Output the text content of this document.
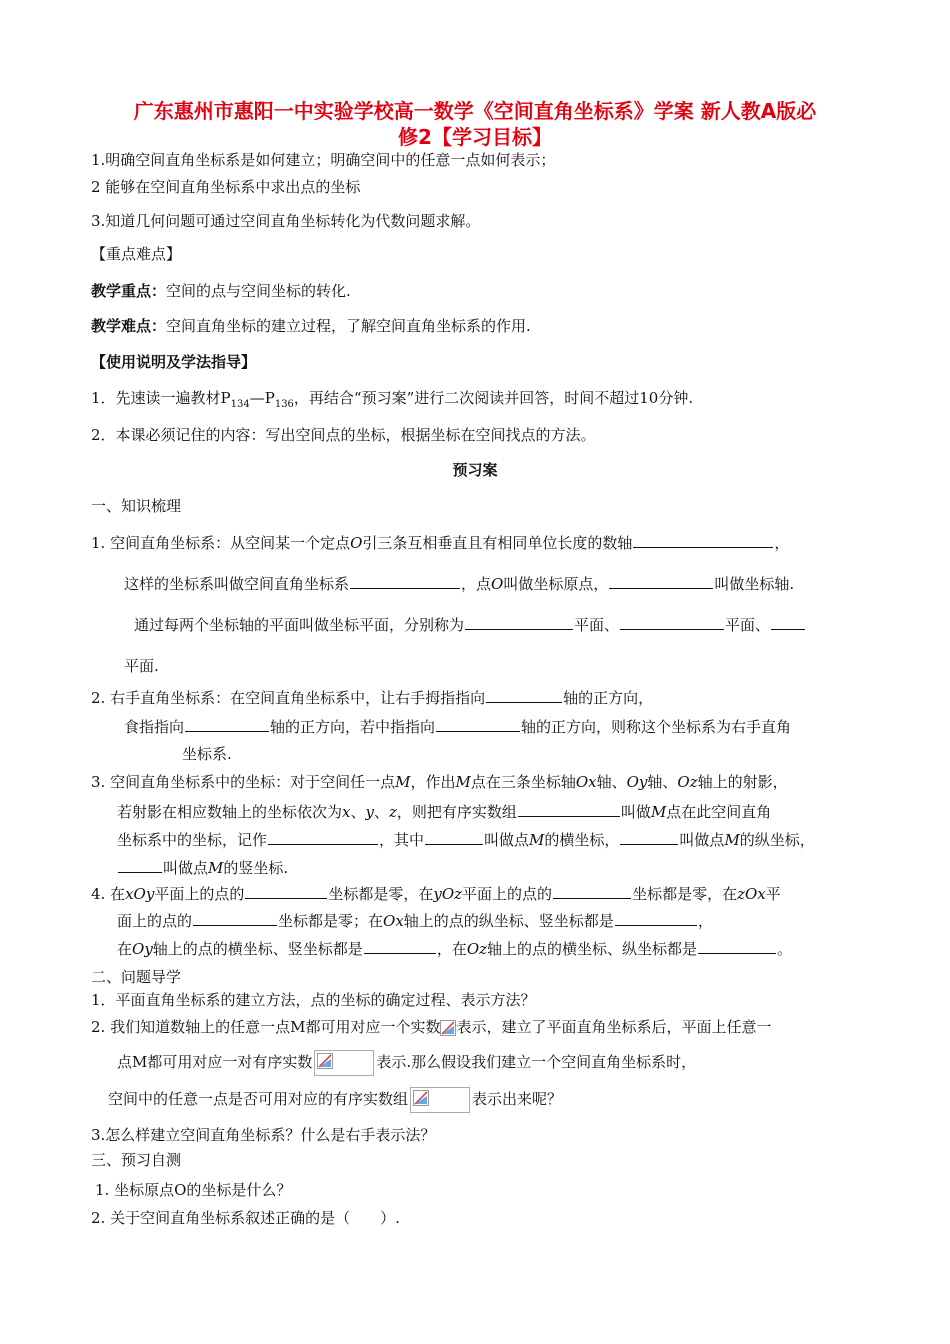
广东惠州市惠阳一中实验学校高一数学《空间直角坐标系》学案 新人教A版必
修2【学习目标】
1.明确空间直角坐标系是如何建立；明确空间中的任意一点如何表示；
2 能够在空间直角坐标系中求出点的坐标
3.知道几何问题可通过空间直角坐标转化为代数问题求解。
【重点难点】
教学重点：空间的点与空间坐标的转化.
教学难点：空间直角坐标的建立过程，了解空间直角坐标系的作用.
【使用说明及学法指导】
1．先速读一遍教材$P_{134}—P_{136}$，再结合“预习案”进行二次阅读并回答，时间不超过10分钟.
2．本课必须记住的内容：写出空间点的坐标，根据坐标在空间找点的方法。
预习案
一、知识梳理
1. 空间直角坐标系：从空间某一个定点O引三条互相垂直且有相同单位长度的数轴	，
这样的坐标系叫做空间直角坐标系	，点O叫做坐标原点，	叫做坐标轴.
通过每两个坐标轴的平面叫做坐标平面，分别称为	平面、	平面、
平面.
2. 右手直角坐标系：在空间直角坐标系中，让右手拇指指向	轴的正方向，
食指指向	轴的正方向，若中指指向	轴的正方向，则称这个坐标系为右手直角
坐标系.
3. 空间直角坐标系中的坐标：对于空间任一点M，作出M点在三条坐标轴Ox轴、Oy轴、Oz轴上的射影，
若射影在相应数轴上的坐标依次为x、y、z，则把有序实数组	叫做M点在此空间直角
坐标系中的坐标，记作	，其中	叫做点M的横坐标，	叫做点M的纵坐标，
叫做点M的竖坐标.
4. 在xOy平面上的点的	坐标都是零，在yOz平面上的点的	坐标都是零，在zOx平
面上的点的	坐标都是零；在Ox轴上的点的纵坐标、竖坐标都是	，
在Oy轴上的点的横坐标、竖坐标都是	，在Oz轴上的点的横坐标、纵坐标都是	。
二、问题导学
1．平面直角坐标系的建立方法，点的坐标的确定过程、表示方法？
2. 我们知道数轴上的任意一点M都可用对应一个实数 表示，建立了平面直角坐标系后，平面上任意一
点M都可用对应一对有序实数	表示.那么假设我们建立一个空间直角坐标系时，
空间中的任意一点是否可用对应的有序实数组	表示出来呢？
3.怎么样建立空间直角坐标系？什么是右手表示法？
三、预习自测
1. 坐标原点O的坐标是什么？
2. 关于空间直角坐标系叙述正确的是（　　）.
